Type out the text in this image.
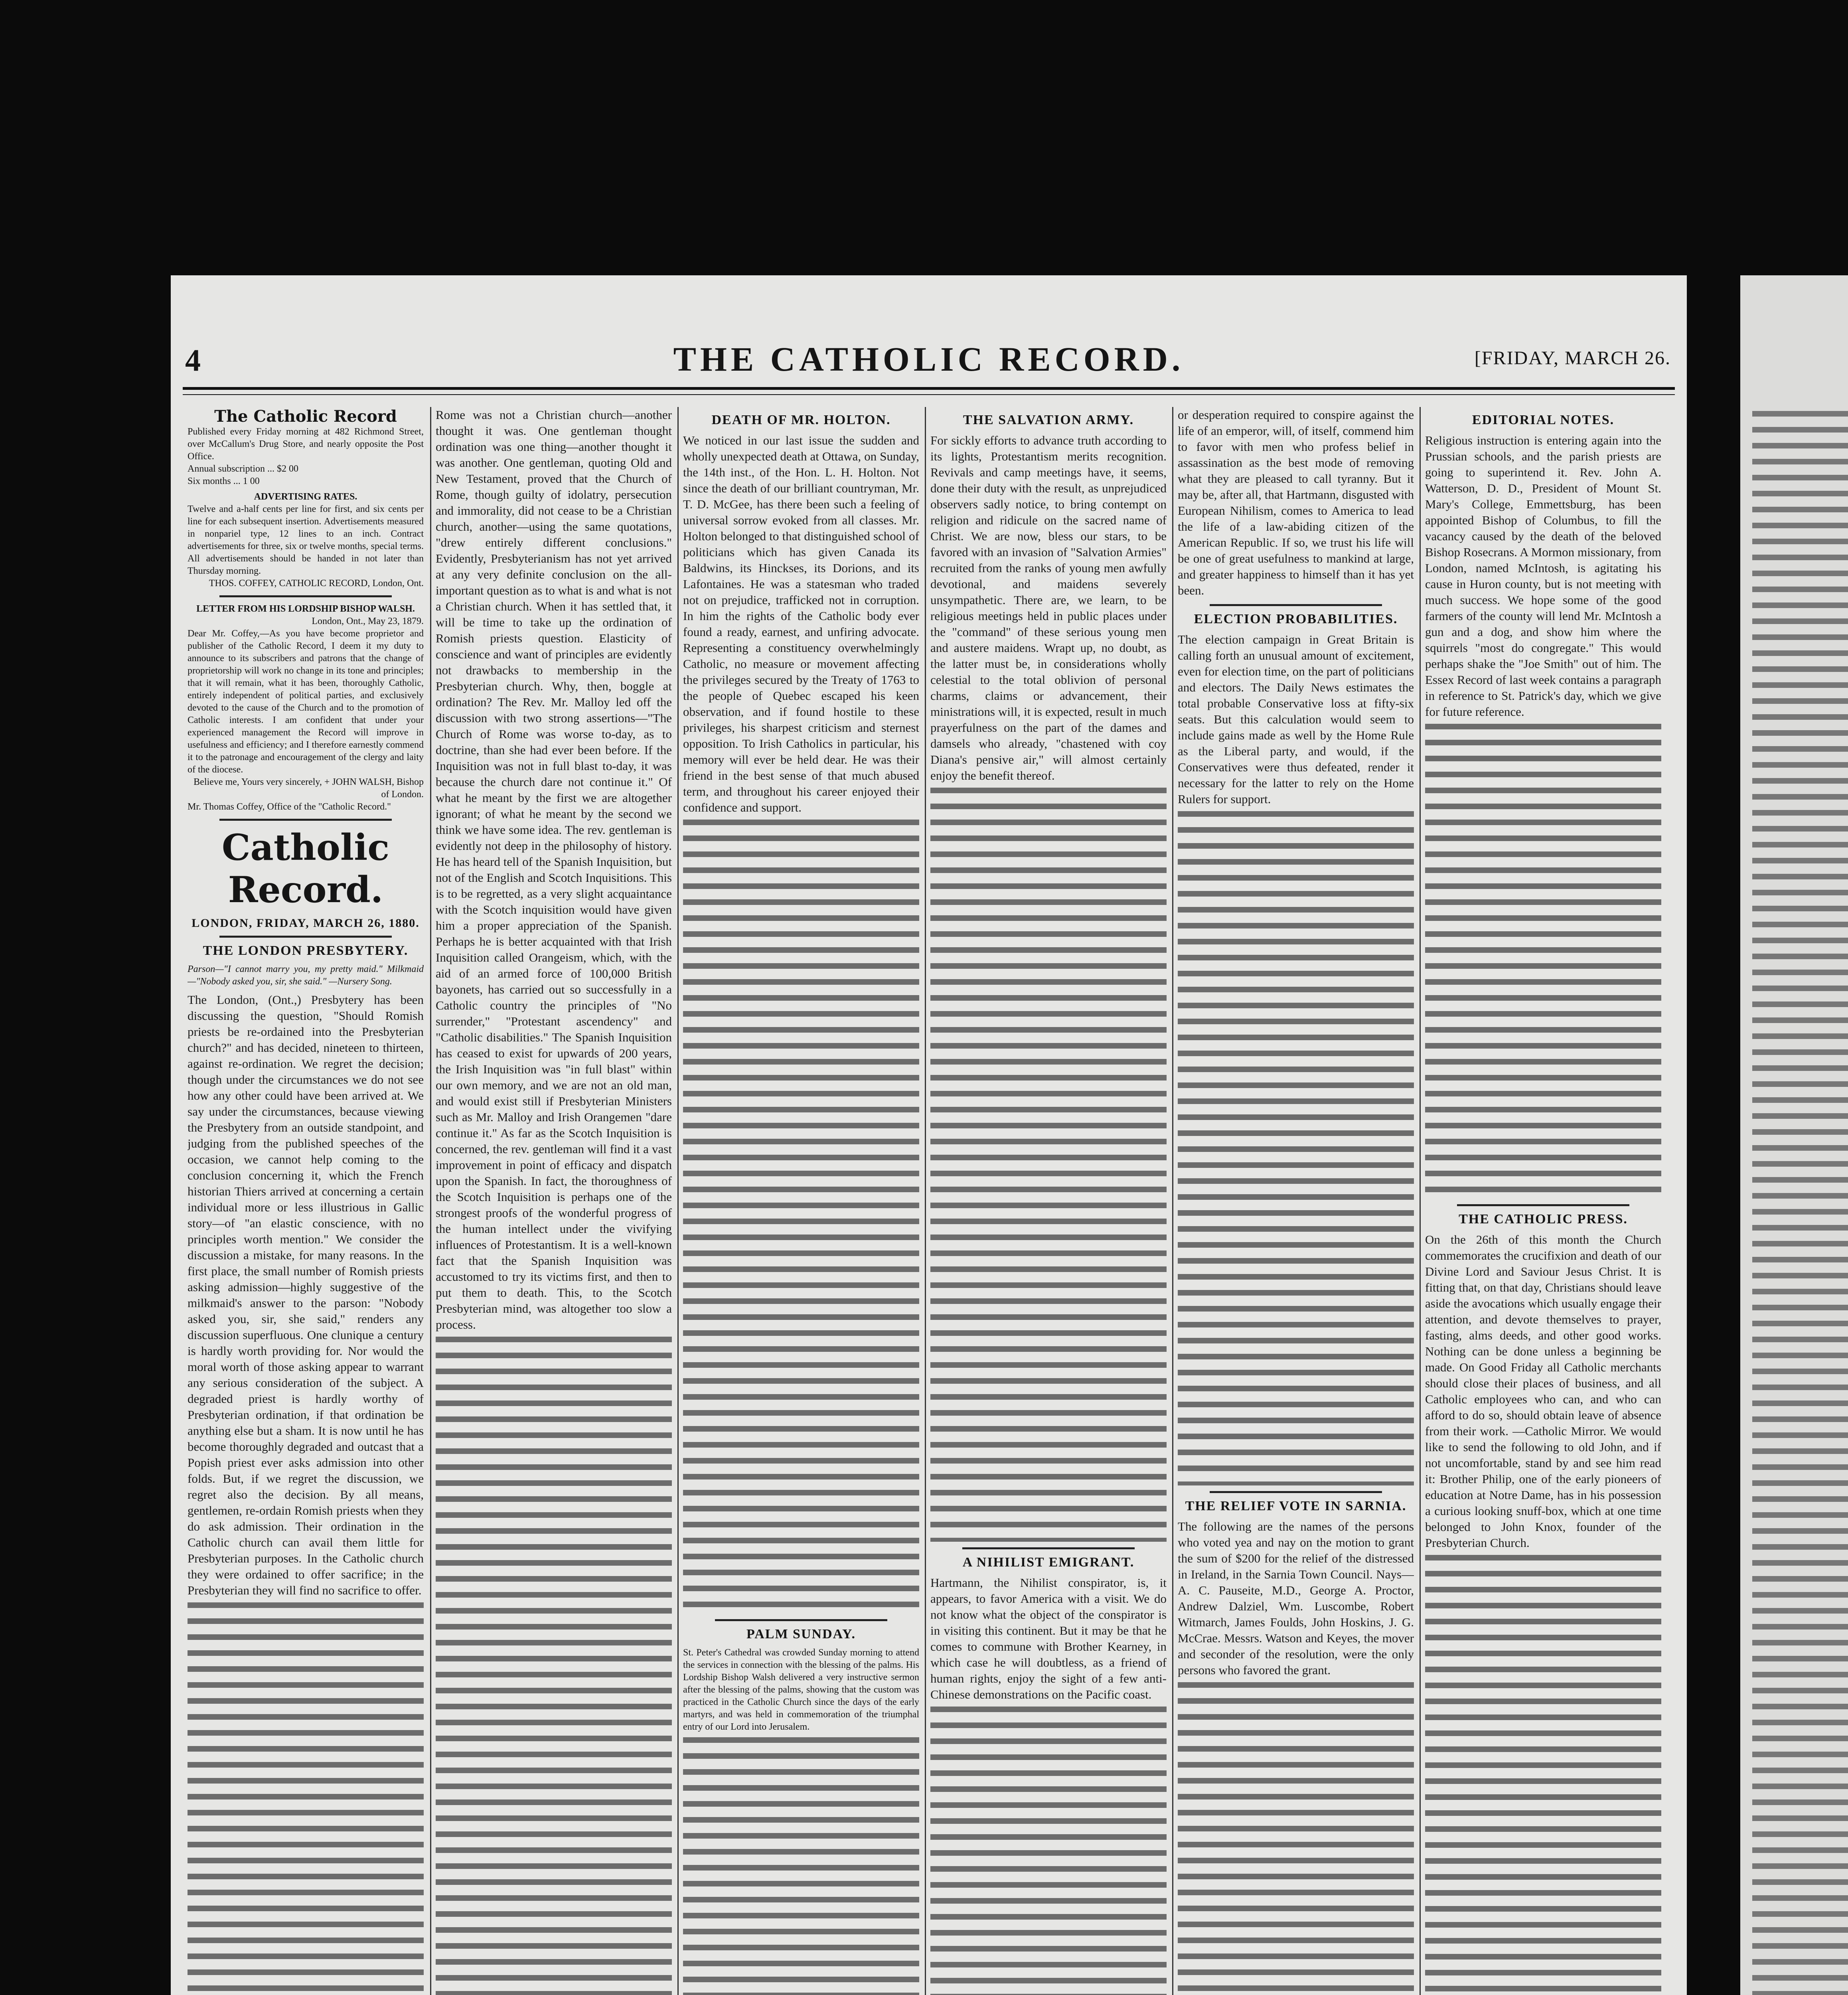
4	THE CATHOLIC RECORD.	[FRIDAY, MARCH 26.
The Catholic Record
Published every Friday morning at 482 Richmond Street, over McCallum's Drug Store, and nearly opposite the Post Office.
Annual subscription ... $2 00
Six months ... 1 00
ADVERTISING RATES.
Twelve and a-half cents per line for first, and six cents per line for each subsequent insertion. Advertisements measured in nonpariel type, 12 lines to an inch. Contract advertisements for three, six or twelve months, special terms. All advertisements should be handed in not later than Thursday morning.
THOS. COFFEY, CATHOLIC RECORD, London, Ont.
LETTER FROM HIS LORDSHIP BISHOP WALSH.
London, Ont., May 23, 1879.
Dear Mr. Coffey,—As you have become proprietor and publisher of the Catholic Record, I deem it my duty to announce to its subscribers and patrons that the change of proprietorship will work no change in its tone and principles; that it will remain, what it has been, thoroughly Catholic, entirely independent of political parties, and exclusively devoted to the cause of the Church and to the promotion of Catholic interests. I am confident that under your experienced management the Record will improve in usefulness and efficiency; and I therefore earnestly commend it to the patronage and encouragement of the clergy and laity of the diocese.
Believe me, Yours very sincerely, + JOHN WALSH, Bishop of London.
Mr. Thomas Coffey, Office of the "Catholic Record."
Catholic Record.
LONDON, FRIDAY, MARCH 26, 1880.
THE LONDON PRESBYTERY.
Parson—"I cannot marry you, my pretty maid." Milkmaid—"Nobody asked you, sir, she said." —Nursery Song.
The London, (Ont.,) Presbytery has been discussing the question, "Should Romish priests be re-ordained into the Presbyterian church?" and has decided, nineteen to thirteen, against re-ordination. We regret the decision; though under the circumstances we do not see how any other could have been arrived at. We say under the circumstances, because viewing the Presbytery from an outside standpoint, and judging from the published speeches of the occasion, we cannot help coming to the conclusion concerning it, which the French historian Thiers arrived at concerning a certain individual more or less illustrious in Gallic story—of "an elastic conscience, with no principles worth mention." We consider the discussion a mistake, for many reasons. In the first place, the small number of Romish priests asking admission—highly suggestive of the milkmaid's answer to the parson: "Nobody asked you, sir, she said," renders any discussion superfluous. One clunique a century is hardly worth providing for. Nor would the moral worth of those asking appear to warrant any serious consideration of the subject. A degraded priest is hardly worthy of Presbyterian ordination, if that ordination be anything else but a sham. It is now until he has become thoroughly degraded and outcast that a Popish priest ever asks admission into other folds. But, if we regret the discussion, we regret also the decision. By all means, gentlemen, re-ordain Romish priests when they do ask admission. Their ordination in the Catholic church can avail them little for Presbyterian purposes. In the Catholic church they were ordained to offer sacrifice; in the Presbyterian they will find no sacrifice to offer.
Rome was not a Christian church—another thought it was. One gentleman thought ordination was one thing—another thought it was another. One gentleman, quoting Old and New Testament, proved that the Church of Rome, though guilty of idolatry, persecution and immorality, did not cease to be a Christian church, another—using the same quotations, "drew entirely different conclusions." Evidently, Presbyterianism has not yet arrived at any very definite conclusion on the all-important question as to what is and what is not a Christian church. When it has settled that, it will be time to take up the ordination of Romish priests question. Elasticity of conscience and want of principles are evidently not drawbacks to membership in the Presbyterian church. Why, then, boggle at ordination? The Rev. Mr. Malloy led off the discussion with two strong assertions—"The Church of Rome was worse to-day, as to doctrine, than she had ever been before. If the Inquisition was not in full blast to-day, it was because the church dare not continue it." Of what he meant by the first we are altogether ignorant; of what he meant by the second we think we have some idea. The rev. gentleman is evidently not deep in the philosophy of history. He has heard tell of the Spanish Inquisition, but not of the English and Scotch Inquisitions. This is to be regretted, as a very slight acquaintance with the Scotch inquisition would have given him a proper appreciation of the Spanish. Perhaps he is better acquainted with that Irish Inquisition called Orangeism, which, with the aid of an armed force of 100,000 British bayonets, has carried out so successfully in a Catholic country the principles of "No surrender," "Protestant ascendency" and "Catholic disabilities." The Spanish Inquisition has ceased to exist for upwards of 200 years, the Irish Inquisition was "in full blast" within our own memory, and we are not an old man, and would exist still if Presbyterian Ministers such as Mr. Malloy and Irish Orangemen "dare continue it." As far as the Scotch Inquisition is concerned, the rev. gentleman will find it a vast improvement in point of efficacy and dispatch upon the Spanish. In fact, the thoroughness of the Scotch Inquisition is perhaps one of the strongest proofs of the wonderful progress of the human intellect under the vivifying influences of Protestantism. It is a well-known fact that the Spanish Inquisition was accustomed to try its victims first, and then to put them to death. This, to the Scotch Presbyterian mind, was altogether too slow a process.
DEATH OF MR. HOLTON.
We noticed in our last issue the sudden and wholly unexpected death at Ottawa, on Sunday, the 14th inst., of the Hon. L. H. Holton. Not since the death of our brilliant countryman, Mr. T. D. McGee, has there been such a feeling of universal sorrow evoked from all classes. Mr. Holton belonged to that distinguished school of politicians which has given Canada its Baldwins, its Hinckses, its Dorions, and its Lafontaines. He was a statesman who traded not on prejudice, trafficked not in corruption. In him the rights of the Catholic body ever found a ready, earnest, and unfiring advocate. Representing a constituency overwhelmingly Catholic, no measure or movement affecting the privileges secured by the Treaty of 1763 to the people of Quebec escaped his keen observation, and if found hostile to these privileges, his sharpest criticism and sternest opposition. To Irish Catholics in particular, his memory will ever be held dear. He was their friend in the best sense of that much abused term, and throughout his career enjoyed their confidence and support.
PALM SUNDAY.
St. Peter's Cathedral was crowded Sunday morning to attend the services in connection with the blessing of the palms. His Lordship Bishop Walsh delivered a very instructive sermon after the blessing of the palms, showing that the custom was practiced in the Catholic Church since the days of the early martyrs, and was held in commemoration of the triumphal entry of our Lord into Jerusalem.
THE SALVATION ARMY.
For sickly efforts to advance truth according to its lights, Protestantism merits recognition. Revivals and camp meetings have, it seems, done their duty with the result, as unprejudiced observers sadly notice, to bring contempt on religion and ridicule on the sacred name of Christ. We are now, bless our stars, to be favored with an invasion of "Salvation Armies" recruited from the ranks of young men awfully devotional, and maidens severely unsympathetic. There are, we learn, to be religious meetings held in public places under the "command" of these serious young men and austere maidens. Wrapt up, no doubt, as the latter must be, in considerations wholly celestial to the total oblivion of personal charms, claims or advancement, their ministrations will, it is expected, result in much prayerfulness on the part of the dames and damsels who already, "chastened with coy Diana's pensive air," will almost certainly enjoy the benefit thereof.
A NIHILIST EMIGRANT.
Hartmann, the Nihilist conspirator, is, it appears, to favor America with a visit. We do not know what the object of the conspirator is in visiting this continent. But it may be that he comes to commune with Brother Kearney, in which case he will doubtless, as a friend of human rights, enjoy the sight of a few anti-Chinese demonstrations on the Pacific coast.
or desperation required to conspire against the life of an emperor, will, of itself, commend him to favor with men who profess belief in assassination as the best mode of removing what they are pleased to call tyranny. But it may be, after all, that Hartmann, disgusted with European Nihilism, comes to America to lead the life of a law-abiding citizen of the American Republic. If so, we trust his life will be one of great usefulness to mankind at large, and greater happiness to himself than it has yet been.
ELECTION PROBABILITIES.
The election campaign in Great Britain is calling forth an unusual amount of excitement, even for election time, on the part of politicians and electors. The Daily News estimates the total probable Conservative loss at fifty-six seats. But this calculation would seem to include gains made as well by the Home Rule as the Liberal party, and would, if the Conservatives were thus defeated, render it necessary for the latter to rely on the Home Rulers for support.
THE RELIEF VOTE IN SARNIA.
The following are the names of the persons who voted yea and nay on the motion to grant the sum of $200 for the relief of the distressed in Ireland, in the Sarnia Town Council. Nays—A. C. Pauseite, M.D., George A. Proctor, Andrew Dalziel, Wm. Luscombe, Robert Witmarch, James Foulds, John Hoskins, J. G. McCrae. Messrs. Watson and Keyes, the mover and seconder of the resolution, were the only persons who favored the grant.
EDITORIAL NOTES.
Religious instruction is entering again into the Prussian schools, and the parish priests are going to superintend it. Rev. John A. Watterson, D. D., President of Mount St. Mary's College, Emmettsburg, has been appointed Bishop of Columbus, to fill the vacancy caused by the death of the beloved Bishop Rosecrans. A Mormon missionary, from London, named McIntosh, is agitating his cause in Huron county, but is not meeting with much success. We hope some of the good farmers of the county will lend Mr. McIntosh a gun and a dog, and show him where the squirrels "most do congregate." This would perhaps shake the "Joe Smith" out of him. The Essex Record of last week contains a paragraph in reference to St. Patrick's day, which we give for future reference.
THE CATHOLIC PRESS.
On the 26th of this month the Church commemorates the crucifixion and death of our Divine Lord and Saviour Jesus Christ. It is fitting that, on that day, Christians should leave aside the avocations which usually engage their attention, and devote themselves to prayer, fasting, alms deeds, and other good works. Nothing can be done unless a beginning be made. On Good Friday all Catholic merchants should close their places of business, and all Catholic employees who can, and who can afford to do so, should obtain leave of absence from their work. —Catholic Mirror. We would like to send the following to old John, and if not uncomfortable, stand by and see him read it: Brother Philip, one of the early pioneers of education at Notre Dame, has in his possession a curious looking snuff-box, which at one time belonged to John Knox, founder of the Presbyterian Church.
